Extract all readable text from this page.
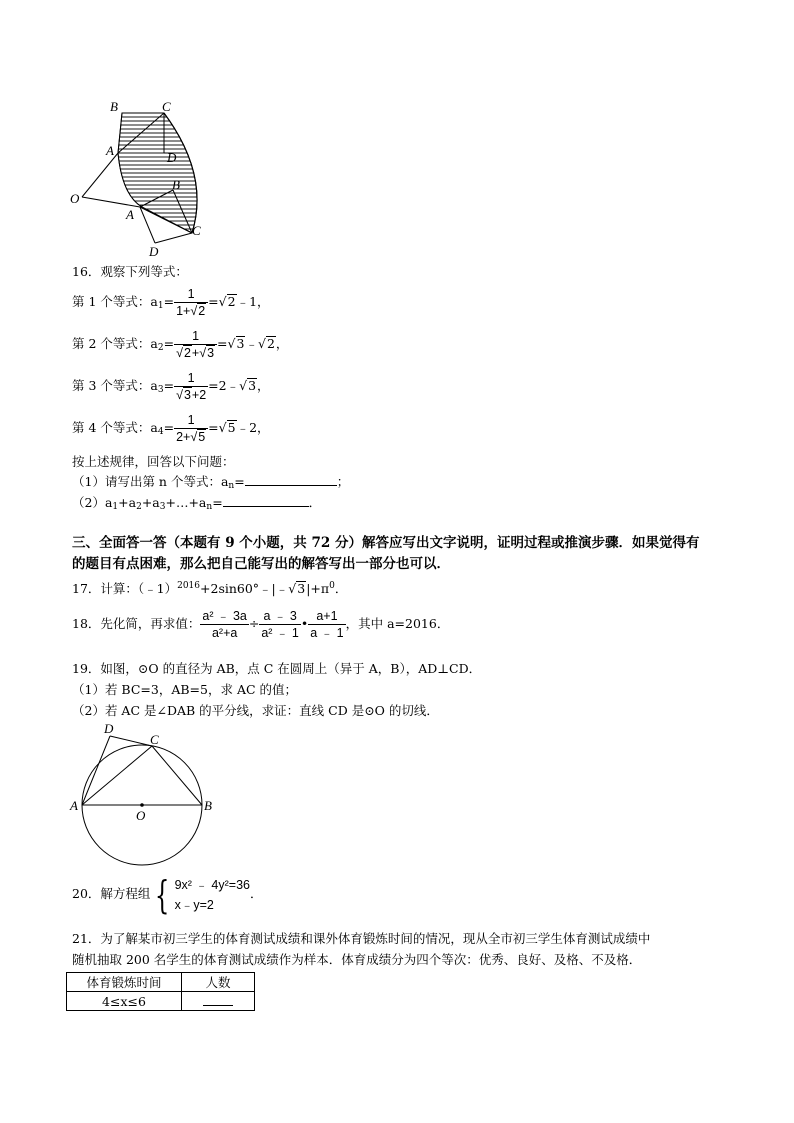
B	C
A	D
O
B
A
C
D
16．观察下列等式：
第 1 个等式：$a_1= \frac{1}{1+√2}$ =√2﹣1，
第 2 个等式：$a_2= \frac{1}{√2+√3}$ =√3﹣√2，
第 3 个等式：$a_3= \frac{1}{√3+2}$ =2﹣√3，
第 4 个等式：$a_4= \frac{1}{2+√5}$ =√5﹣2，
按上述规律，回答以下问题：
（1）请写出第 n 个等式：$a_n=$	；
$(2)a_1+a_2+a_3+\dots+a_n=$	．
三、全面答一答（本题有 9 个小题，共 72 分）解答应写出文字说明，证明过程或推演步骤．如果觉得有
的题目有点困难，那么把自己能写出的解答写出一部分也可以．
17．计算：$(﹣1)^{2016}+2\sin 60^\circ﹣|﹣√3|+\pi^0$．
18．先化简，再求值： $\frac{\text{a² ﹣ 3a}}{\text{a²+a}} \div \frac{a ﹣ 3}{\text{a² ﹣ 1}}$ • $\frac{a+1}{a ﹣ 1}$ ，其中 a=2016．
19．如图，⊙O 的直径为 AB，点 C 在圆周上（异于 A，B），AD⊥CD．
（1）若 BC=3，AB=5，求 AC 的值；
（2）若 AC 是∠DAB 的平分线，求证：直线 CD 是⊙O 的切线．
D
C
A	B
O
20．解方程组 { 9x² ﹣ 4y²=36
x﹣y=2
．
21．为了解某市初三学生的体育测试成绩和课外体育锻炼时间的情况，现从全市初三学生体育测试成绩中
随机抽取 200 名学生的体育测试成绩作为样本．体育成绩分为四个等次：优秀、良好、及格、不及格．
体育锻炼时间	人数
4≤x≤6	
